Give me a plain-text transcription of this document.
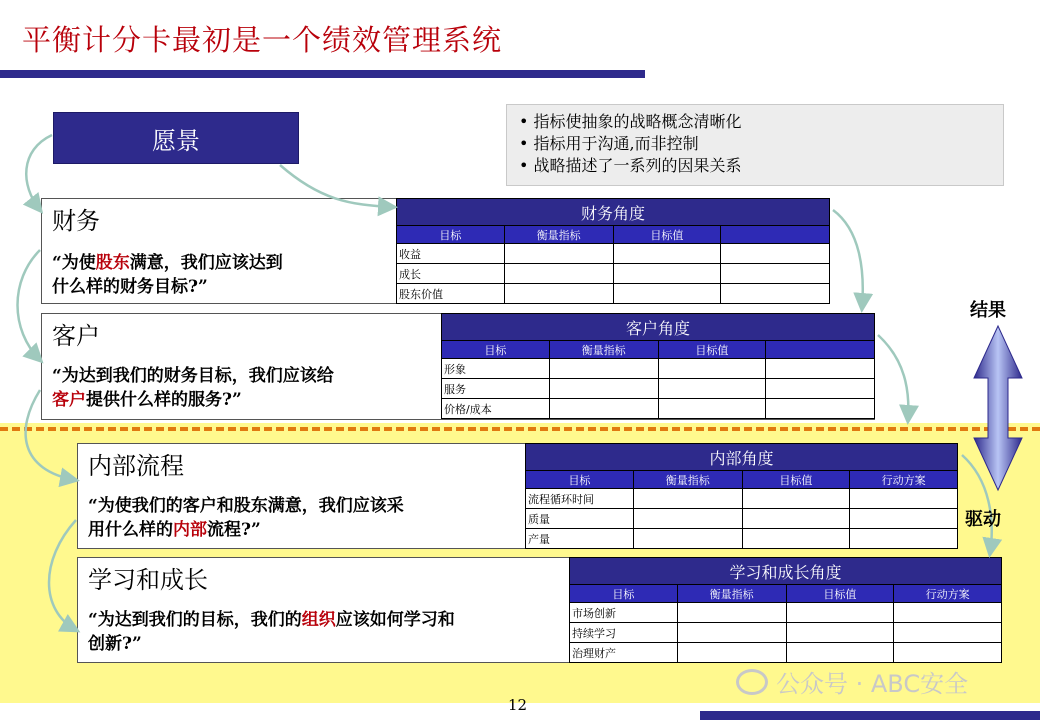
平衡计分卡最初是一个绩效管理系统
愿景
• 指标使抽象的战略概念清晰化
• 指标用于沟通,而非控制
• 战略描述了一系列的因果关系
财务
“为使股东满意，我们应该达到
什么样的财务目标?”
财务角度			
目标	衡量指标	目标值	
收益			
成长			
股东价值			
客户
“为达到我们的财务目标，我们应该给
客户提供什么样的服务?”
客户角度			
目标	衡量指标	目标值	
形象			
服务			
价格/成本			
内部流程
“为使我们的客户和股东满意，我们应该采
用什么样的内部流程?”
内部角度			
目标	衡量指标	目标值	行动方案
流程循环时间			
质量			
产量			
学习和成长
“为达到我们的目标，我们的组织应该如何学习和
创新?”
学习和成长角度			
目标	衡量指标	目标值	行动方案
市场创新			
持续学习			
治理财产			
结果
驱动
公众号 · ABC安全
12
